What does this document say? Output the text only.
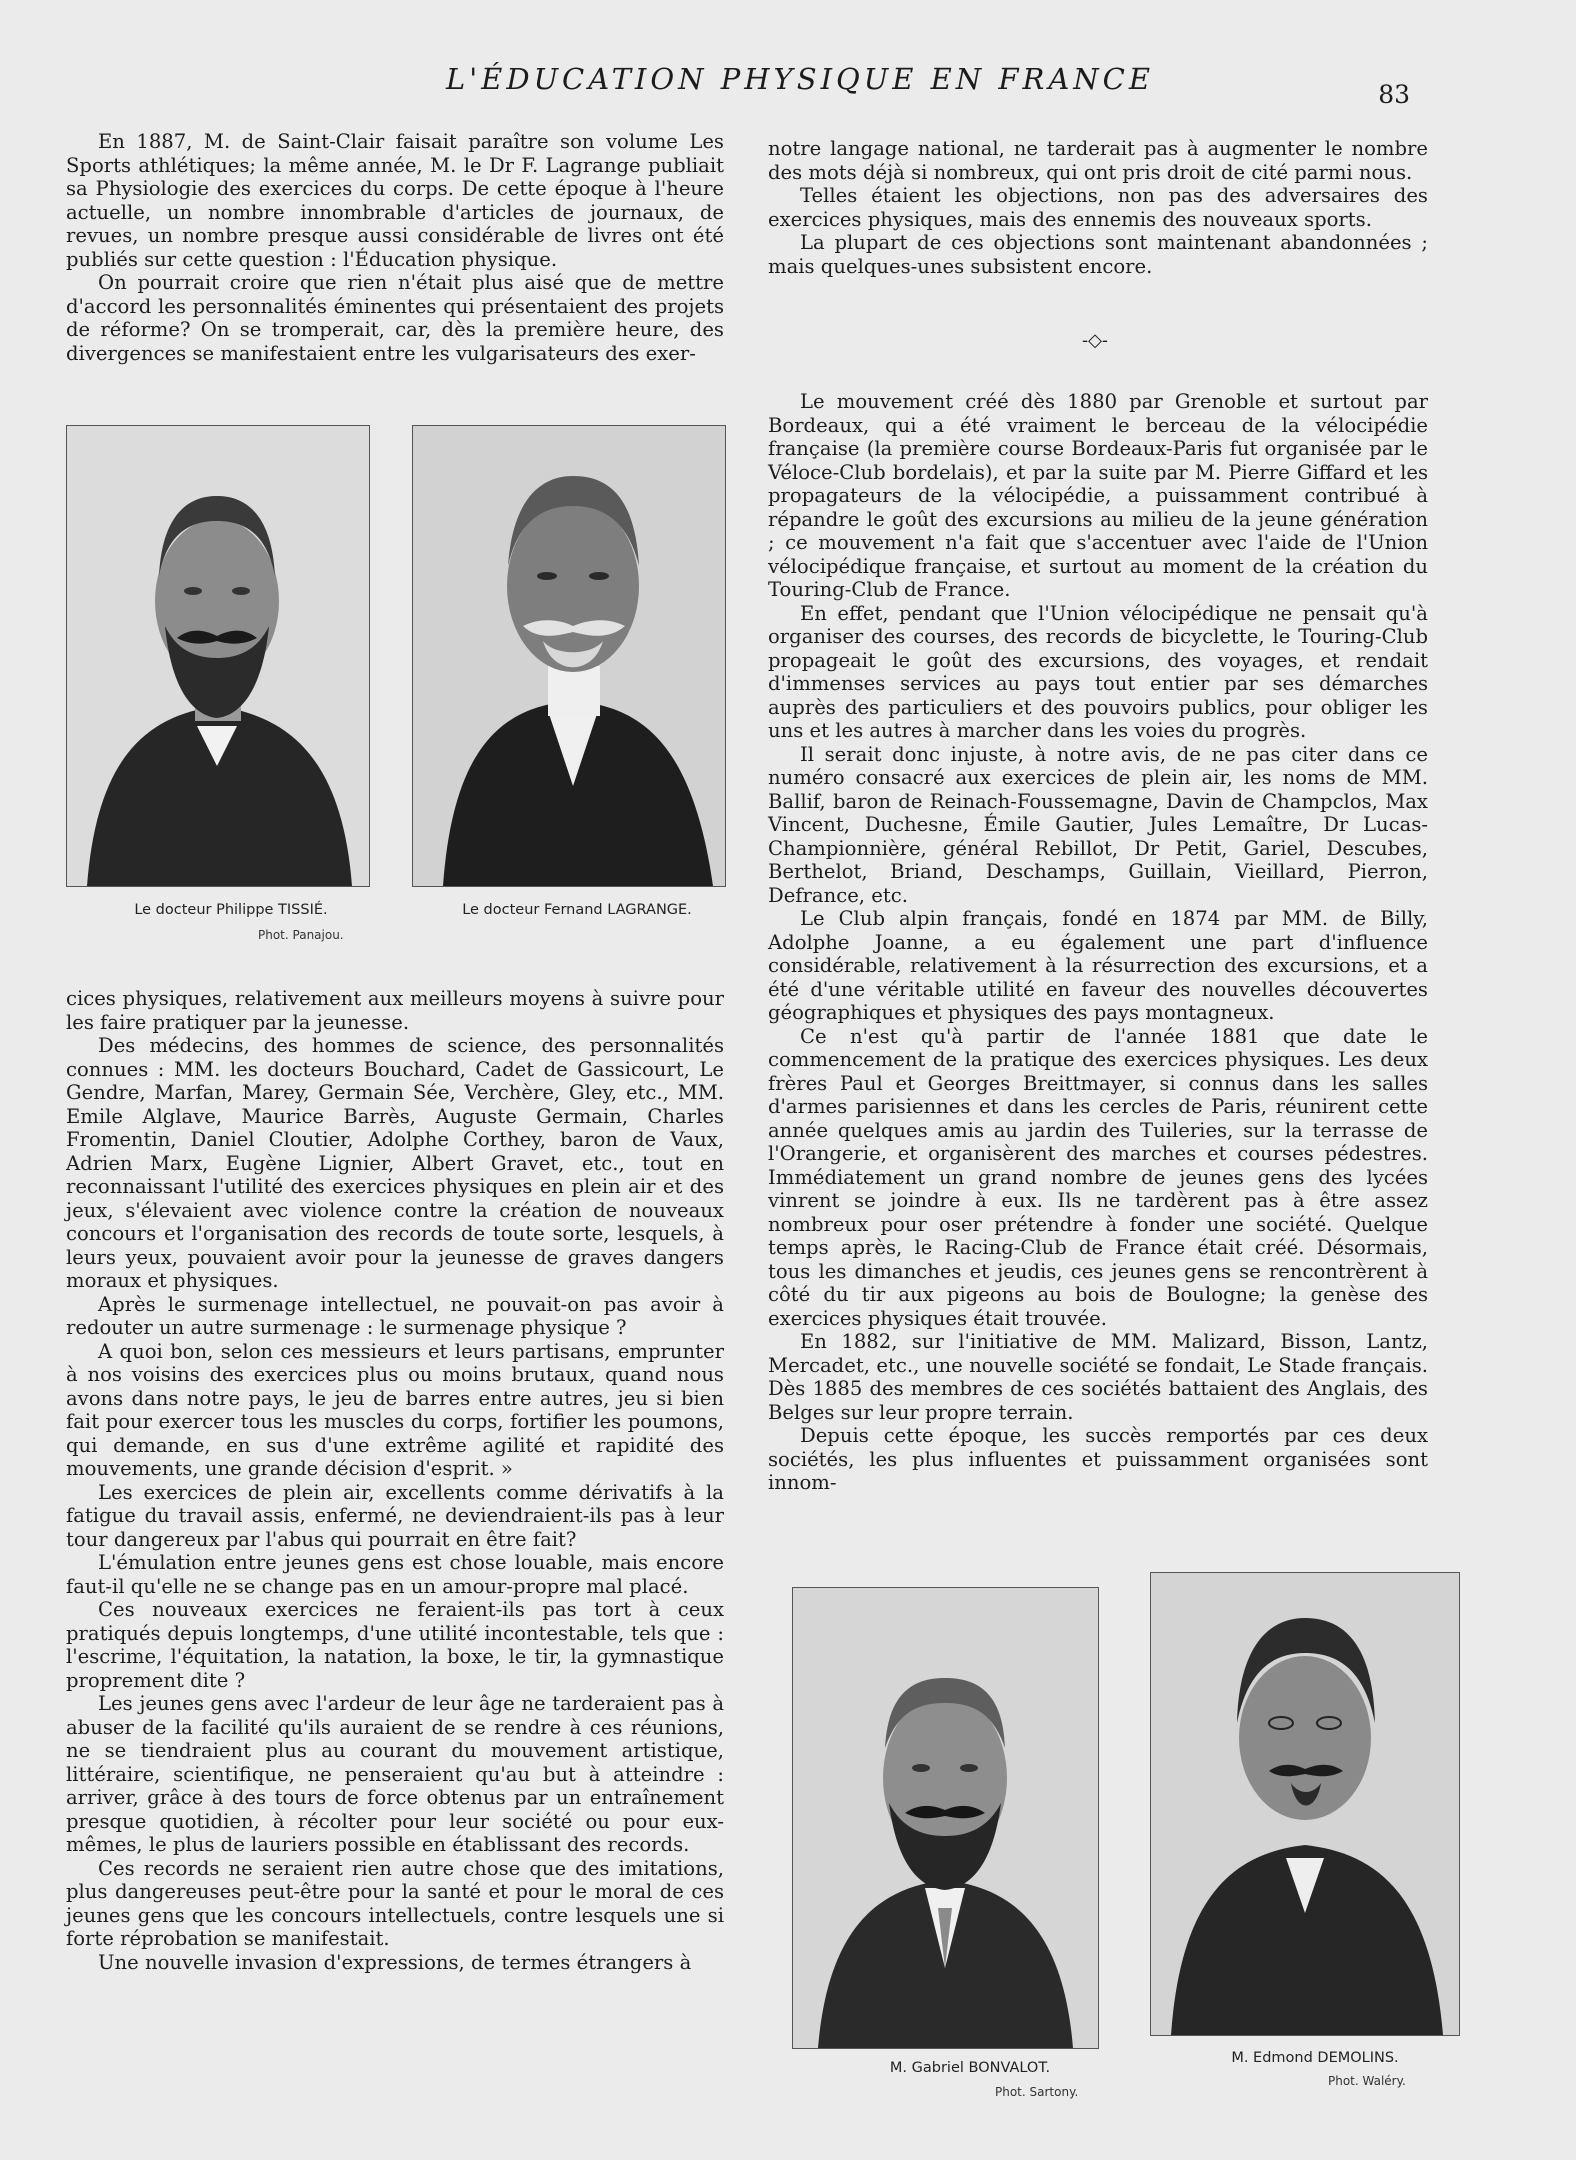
L'ÉDUCATION PHYSIQUE EN FRANCE	83

En 1887, M. de Saint-Clair faisait paraître son volume Les Sports athlétiques; la même année, M. le Dr F. Lagrange publiait sa Physiologie des exercices du corps. De cette époque à l'heure actuelle, un nombre innombrable d'articles de journaux, de revues, un nombre presque aussi considérable de livres ont été publiés sur cette question : l'Éducation physique.

On pourrait croire que rien n'était plus aisé que de mettre d'accord les personnalités éminentes qui présentaient des projets de réforme? On se tromperait, car, dès la première heure, des divergences se manifestaient entre les vulgarisateurs des exer-

Le docteur Philippe TISSIÉ.
Phot. Panajou.
Le docteur Fernand LAGRANGE.

cices physiques, relativement aux meilleurs moyens à suivre pour les faire pratiquer par la jeunesse.

Des médecins, des hommes de science, des personnalités connues : MM. les docteurs Bouchard, Cadet de Gassicourt, Le Gendre, Marfan, Marey, Germain Sée, Verchère, Gley, etc., MM. Emile Alglave, Maurice Barrès, Auguste Germain, Charles Fromentin, Daniel Cloutier, Adolphe Corthey, baron de Vaux, Adrien Marx, Eugène Lignier, Albert Gravet, etc., tout en reconnaissant l'utilité des exercices physiques en plein air et des jeux, s'élevaient avec violence contre la création de nouveaux concours et l'organisation des records de toute sorte, lesquels, à leurs yeux, pouvaient avoir pour la jeunesse de graves dangers moraux et physiques.

Après le surmenage intellectuel, ne pouvait-on pas avoir à redouter un autre surmenage : le surmenage physique ?

A quoi bon, selon ces messieurs et leurs partisans, emprunter à nos voisins des exercices plus ou moins brutaux, quand nous avons dans notre pays, le jeu de barres entre autres, jeu si bien fait pour exercer tous les muscles du corps, fortifier les poumons, qui demande, en sus d'une extrême agilité et rapidité des mouvements, une grande décision d'esprit. »

Les exercices de plein air, excellents comme dérivatifs à la fatigue du travail assis, enfermé, ne deviendraient-ils pas à leur tour dangereux par l'abus qui pourrait en être fait?

L'émulation entre jeunes gens est chose louable, mais encore faut-il qu'elle ne se change pas en un amour-propre mal placé.

Ces nouveaux exercices ne feraient-ils pas tort à ceux pratiqués depuis longtemps, d'une utilité incontestable, tels que : l'escrime, l'équitation, la natation, la boxe, le tir, la gymnastique proprement dite ?

Les jeunes gens avec l'ardeur de leur âge ne tarderaient pas à abuser de la facilité qu'ils auraient de se rendre à ces réunions, ne se tiendraient plus au courant du mouvement artistique, littéraire, scientifique, ne penseraient qu'au but à atteindre : arriver, grâce à des tours de force obtenus par un entraînement presque quotidien, à récolter pour leur société ou pour eux-mêmes, le plus de lauriers possible en établissant des records.

Ces records ne seraient rien autre chose que des imitations, plus dangereuses peut-être pour la santé et pour le moral de ces jeunes gens que les concours intellectuels, contre lesquels une si forte réprobation se manifestait.

Une nouvelle invasion d'expressions, de termes étrangers à

notre langage national, ne tarderait pas à augmenter le nombre des mots déjà si nombreux, qui ont pris droit de cité parmi nous.

Telles étaient les objections, non pas des adversaires des exercices physiques, mais des ennemis des nouveaux sports.

La plupart de ces objections sont maintenant abandonnées ; mais quelques-unes subsistent encore.

-◇-

Le mouvement créé dès 1880 par Grenoble et surtout par Bordeaux, qui a été vraiment le berceau de la vélocipédie française (la première course Bordeaux-Paris fut organisée par le Véloce-Club bordelais), et par la suite par M. Pierre Giffard et les propagateurs de la vélocipédie, a puissamment contribué à répandre le goût des excursions au milieu de la jeune génération ; ce mouvement n'a fait que s'accentuer avec l'aide de l'Union vélocipédique française, et surtout au moment de la création du Touring-Club de France.

En effet, pendant que l'Union vélocipédique ne pensait qu'à organiser des courses, des records de bicyclette, le Touring-Club propageait le goût des excursions, des voyages, et rendait d'immenses services au pays tout entier par ses démarches auprès des particuliers et des pouvoirs publics, pour obliger les uns et les autres à marcher dans les voies du progrès.

Il serait donc injuste, à notre avis, de ne pas citer dans ce numéro consacré aux exercices de plein air, les noms de MM. Ballif, baron de Reinach-Foussemagne, Davin de Champclos, Max Vincent, Duchesne, Émile Gautier, Jules Lemaître, Dr Lucas-Championnière, général Rebillot, Dr Petit, Gariel, Descubes, Berthelot, Briand, Deschamps, Guillain, Vieillard, Pierron, Defrance, etc.

Le Club alpin français, fondé en 1874 par MM. de Billy, Adolphe Joanne, a eu également une part d'influence considérable, relativement à la résurrection des excursions, et a été d'une véritable utilité en faveur des nouvelles découvertes géographiques et physiques des pays montagneux.

Ce n'est qu'à partir de l'année 1881 que date le commencement de la pratique des exercices physiques. Les deux frères Paul et Georges Breittmayer, si connus dans les salles d'armes parisiennes et dans les cercles de Paris, réunirent cette année quelques amis au jardin des Tuileries, sur la terrasse de l'Orangerie, et organisèrent des marches et courses pédestres. Immédiatement un grand nombre de jeunes gens des lycées vinrent se joindre à eux. Ils ne tardèrent pas à être assez nombreux pour oser prétendre à fonder une société. Quelque temps après, le Racing-Club de France était créé. Désormais, tous les dimanches et jeudis, ces jeunes gens se rencontrèrent à côté du tir aux pigeons au bois de Boulogne; la genèse des exercices physiques était trouvée.

En 1882, sur l'initiative de MM. Malizard, Bisson, Lantz, Mercadet, etc., une nouvelle société se fondait, Le Stade français. Dès 1885 des membres de ces sociétés battaient des Anglais, des Belges sur leur propre terrain.

Depuis cette époque, les succès remportés par ces deux sociétés, les plus influentes et puissamment organisées sont innom-

M. Gabriel BONVALOT.
Phot. Sartony.
M. Edmond DEMOLINS.
Phot. Waléry.
